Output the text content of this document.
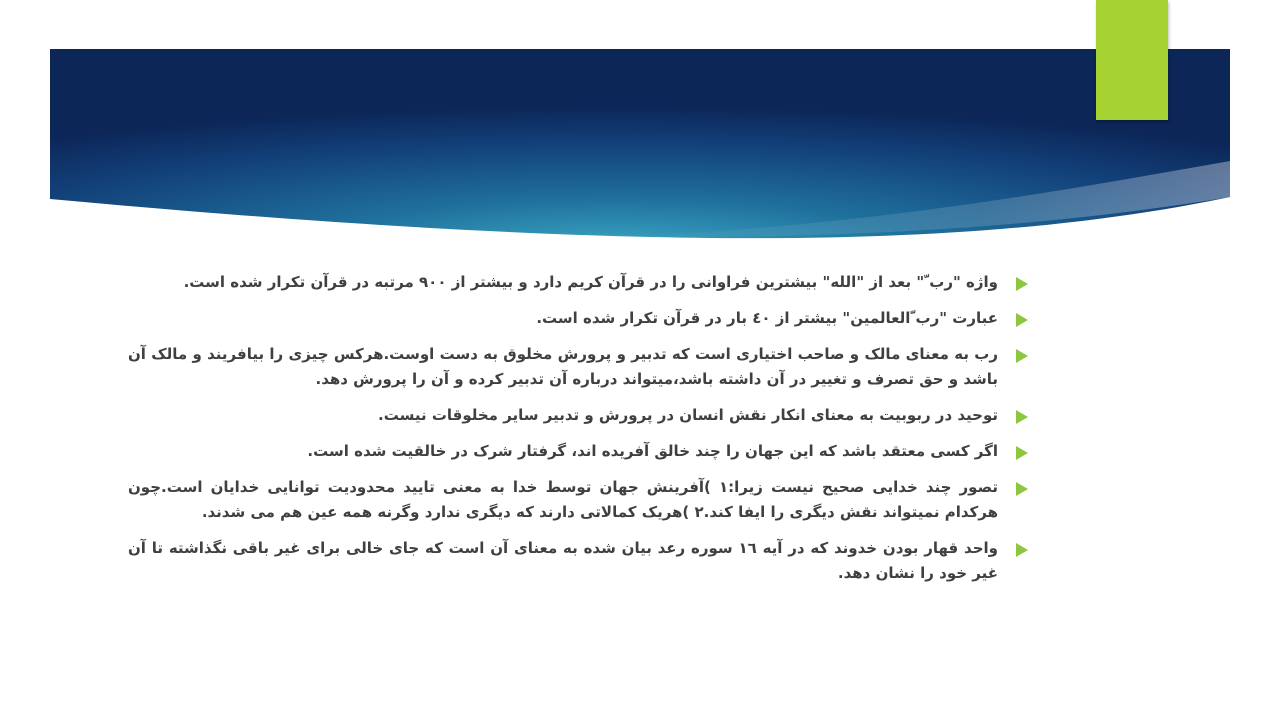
واژه "رب ّ" بعد از "الله" بیشترین فراوانی را در قرآن کریم دارد و بیشتر از ۹۰۰ مرتبه در قرآن تکرار شده است.
عبارت "رب ّالعالمین" بیشتر از ٤۰ بار در قرآن تکرار شده است.
رب به معنای مالک و صاحب اختیاری است که تدبیر و پرورش مخلوق به دست اوست.هرکس چیزی را بیافریند و مالک آن باشد و حق تصرف و تغییر در آن داشته باشد،میتواند درباره آن تدبیر کرده و آن را پرورش دهد.
توحید در ربوبیت به معنای انکار نقش انسان در پرورش و تدبیر سایر مخلوقات نیست.
اگر کسی معتقد باشد که این جهان را چند خالق آفریده اند، گرفتار شرک در خالقیت شده است.
تصور چند خدایی صحیح نیست زیرا:۱ )آفرینش جهان توسط خدا به معنی تایید محدودیت توانایی خدایان است.چون هرکدام نمیتواند نقش دیگری را ایفا کند.۲ )هریک کمالاتی دارند که دیگری ندارد وگرنه همه عین هم می شدند.
واحد قهار بودن خدوند که در آیه ۱٦ سوره رعد بیان شده به معنای آن است که جای خالی برای غیر باقی نگذاشته تا آن غیر خود را نشان دهد.
